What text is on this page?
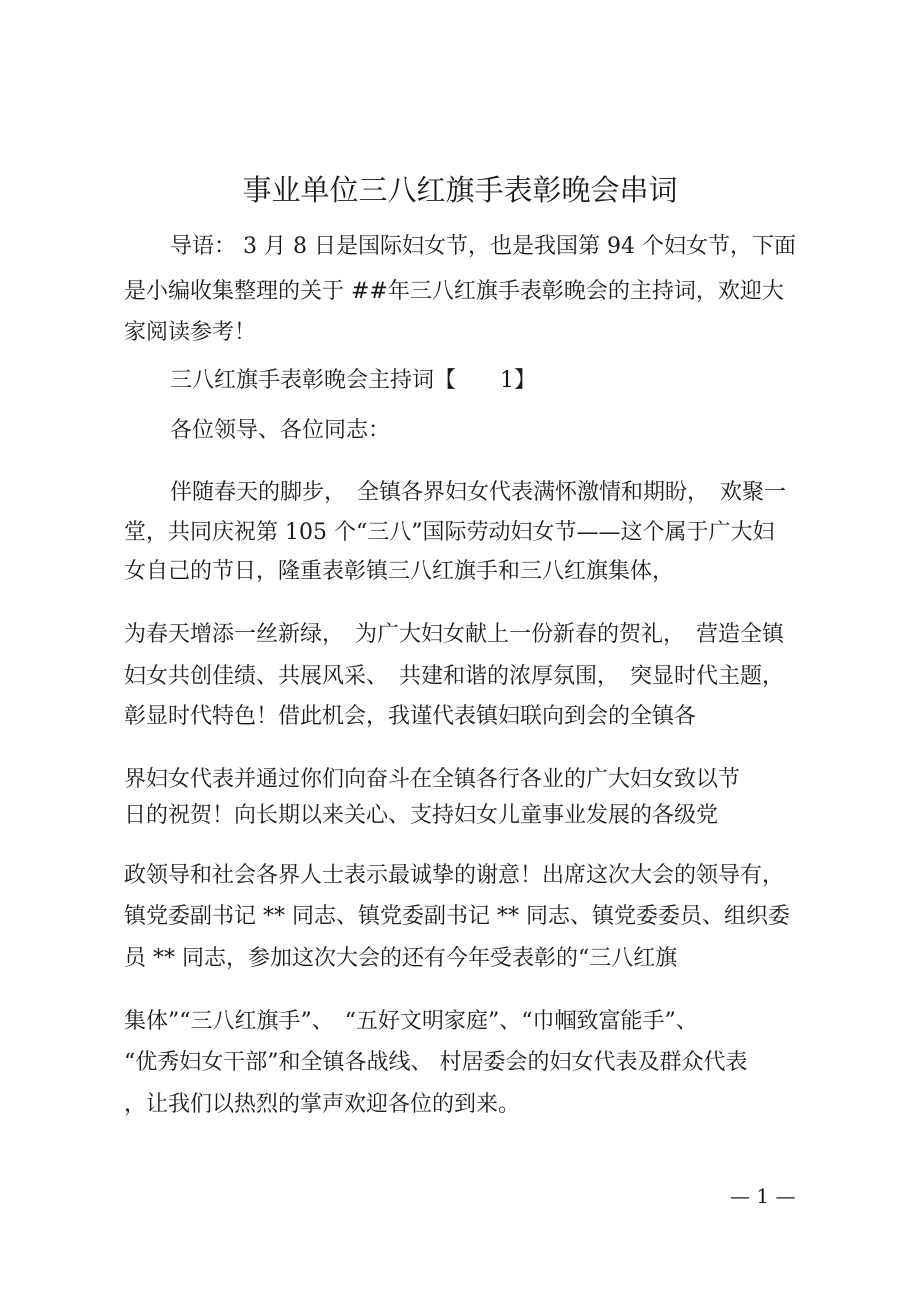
事业单位三八红旗手表彰晚会串词
导语： 3 月 8 日是国际妇女节，也是我国第 94 个妇女节，下面
是小编收集整理的关于 ##年三八红旗手表彰晚会的主持词，欢迎大
家阅读参考！
三八红旗手表彰晚会主持词【　　1】
各位领导、各位同志：
伴随春天的脚步，　全镇各界妇女代表满怀激情和期盼，　欢聚一
堂，共同庆祝第 105 个“三八”国际劳动妇女节——这个属于广大妇
女自己的节日，隆重表彰镇三八红旗手和三八红旗集体，
为春天增添一丝新绿，　为广大妇女献上一份新春的贺礼，　营造全镇
妇女共创佳绩、共展风采、　共建和谐的浓厚氛围，　突显时代主题，
彰显时代特色！借此机会，我谨代表镇妇联向到会的全镇各
界妇女代表并通过你们向奋斗在全镇各行各业的广大妇女致以节
日的祝贺！向长期以来关心、支持妇女儿童事业发展的各级党
政领导和社会各界人士表示最诚挚的谢意！出席这次大会的领导有，
镇党委副书记 ** 同志、镇党委副书记 ** 同志、镇党委委员、组织委
员 ** 同志，参加这次大会的还有今年受表彰的“三八红旗
集体”“三八红旗手”、　“五好文明家庭”、“巾帼致富能手”、
“优秀妇女干部”和全镇各战线、 村居委会的妇女代表及群众代表
，让我们以热烈的掌声欢迎各位的到来。
— 1 —
